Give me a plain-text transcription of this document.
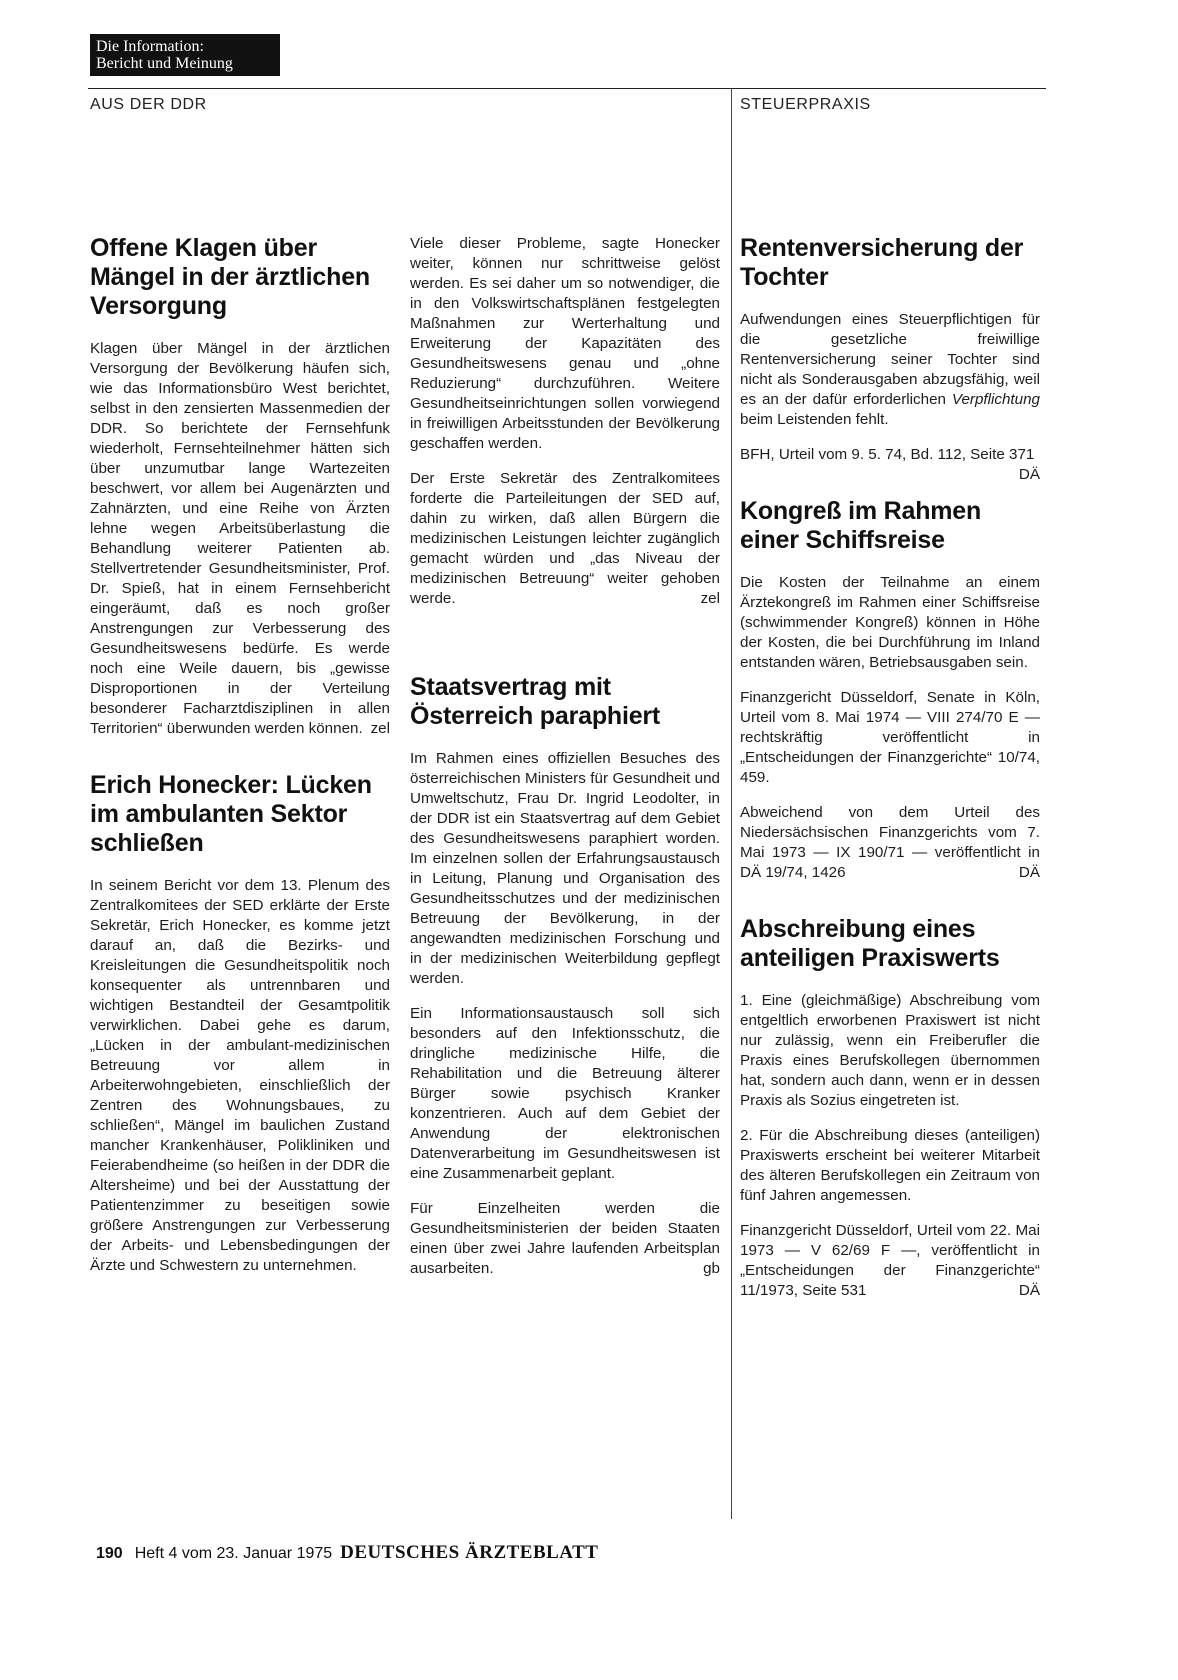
Die Information:
Bericht und Meinung
AUS DER DDR	STEUERPRAXIS
Offene Klagen über Mängel in der ärztlichen Versorgung

Klagen über Mängel in der ärztlichen Versorgung der Bevölkerung häufen sich, wie das Informationsbüro West berichtet, selbst in den zensierten Massenmedien der DDR. So berichtete der Fernsehfunk wiederholt, Fernsehteilnehmer hätten sich über unzumutbar lange Wartezeiten beschwert, vor allem bei Augenärzten und Zahnärzten, und eine Reihe von Ärzten lehne wegen Arbeitsüberlastung die Behandlung weiterer Patienten ab. Stellvertretender Gesundheitsminister, Prof. Dr. Spieß, hat in einem Fernsehbericht eingeräumt, daß es noch großer Anstrengungen zur Verbesserung des Gesundheitswesens bedürfe. Es werde noch eine Weile dauern, bis „gewisse Disproportionen in der Verteilung besonderer Facharztdisziplinen in allen Territorien“ überwunden werden können. zel

Erich Honecker: Lücken im ambulanten Sektor schließen

In seinem Bericht vor dem 13. Plenum des Zentralkomitees der SED erklärte der Erste Sekretär, Erich Honecker, es komme jetzt darauf an, daß die Bezirks- und Kreisleitungen die Gesundheitspolitik noch konsequenter als untrennbaren und wichtigen Bestandteil der Gesamtpolitik verwirklichen. Dabei gehe es darum, „Lücken in der ambulant-medizinischen Betreuung vor allem in Arbeiterwohngebieten, einschließlich der Zentren des Wohnungsbaues, zu schließen“, Mängel im baulichen Zustand mancher Krankenhäuser, Polikliniken und Feierabendheime (so heißen in der DDR die Altersheime) und bei der Ausstattung der Patientenzimmer zu beseitigen sowie größere Anstrengungen zur Verbesserung der Arbeits- und Lebensbedingungen der Ärzte und Schwestern zu unternehmen.

Viele dieser Probleme, sagte Honecker weiter, können nur schrittweise gelöst werden. Es sei daher um so notwendiger, die in den Volkswirtschaftsplänen festgelegten Maßnahmen zur Werterhaltung und Erweiterung der Kapazitäten des Gesundheitswesens genau und „ohne Reduzierung“ durchzuführen. Weitere Gesundheitseinrichtungen sollen vorwiegend in freiwilligen Arbeitsstunden der Bevölkerung geschaffen werden.

Der Erste Sekretär des Zentralkomitees forderte die Parteileitungen der SED auf, dahin zu wirken, daß allen Bürgern die medizinischen Leistungen leichter zugänglich gemacht würden und „das Niveau der medizinischen Betreuung“ weiter gehoben werde.	zel

Staatsvertrag mit Österreich paraphiert

Im Rahmen eines offiziellen Besuches des österreichischen Ministers für Gesundheit und Umweltschutz, Frau Dr. Ingrid Leodolter, in der DDR ist ein Staatsvertrag auf dem Gebiet des Gesundheitswesens paraphiert worden. Im einzelnen sollen der Erfahrungsaustausch in Leitung, Planung und Organisation des Gesundheitsschutzes und der medizinischen Betreuung der Bevölkerung, in der angewandten medizinischen Forschung und in der medizinischen Weiterbildung gepflegt werden.

Ein Informationsaustausch soll sich besonders auf den Infektionsschutz, die dringliche medizinische Hilfe, die Rehabilitation und die Betreuung älterer Bürger sowie psychisch Kranker konzentrieren. Auch auf dem Gebiet der Anwendung der elektronischen Datenverarbeitung im Gesundheitswesen ist eine Zusammenarbeit geplant.

Für Einzelheiten werden die Gesundheitsministerien der beiden Staaten einen über zwei Jahre laufenden Arbeitsplan ausarbeiten.	gb

Rentenversicherung der Tochter

Aufwendungen eines Steuerpflichtigen für die gesetzliche freiwillige Rentenversicherung seiner Tochter sind nicht als Sonderausgaben abzugsfähig, weil es an der dafür erforderlichen Verpflichtung beim Leistenden fehlt.

BFH, Urteil vom 9. 5. 74, Bd. 112, Seite 371
DÄ

Kongreß im Rahmen einer Schiffsreise

Die Kosten der Teilnahme an einem Ärztekongreß im Rahmen einer Schiffsreise (schwimmender Kongreß) können in Höhe der Kosten, die bei Durchführung im Inland entstanden wären, Betriebsausgaben sein.

Finanzgericht Düsseldorf, Senate in Köln, Urteil vom 8. Mai 1974 — VIII 274/70 E — rechtskräftig veröffentlicht in „Entscheidungen der Finanzgerichte“ 10/74, 459.

Abweichend von dem Urteil des Niedersächsischen Finanzgerichts vom 7. Mai 1973 — IX 190/71 — veröffentlicht in DÄ 19/74, 1426	DÄ

Abschreibung eines anteiligen Praxiswerts

1. Eine (gleichmäßige) Abschreibung vom entgeltlich erworbenen Praxiswert ist nicht nur zulässig, wenn ein Freiberufler die Praxis eines Berufskollegen übernommen hat, sondern auch dann, wenn er in dessen Praxis als Sozius eingetreten ist.

2. Für die Abschreibung dieses (anteiligen) Praxiswerts erscheint bei weiterer Mitarbeit des älteren Berufskollegen ein Zeitraum von fünf Jahren angemessen.

Finanzgericht Düsseldorf, Urteil vom 22. Mai 1973 — V 62/69 F —, veröffentlicht in „Entscheidungen der Finanzgerichte“ 11/1973, Seite 531	DÄ

190 Heft 4 vom 23. Januar 1975 DEUTSCHES ÄRZTEBLATT
